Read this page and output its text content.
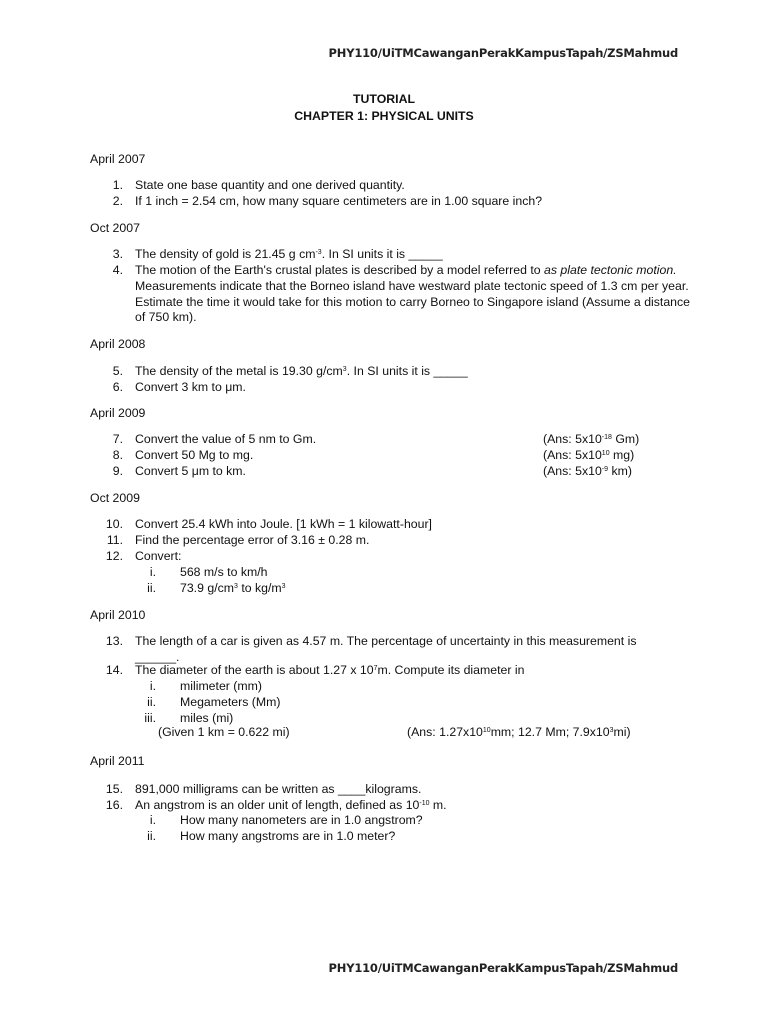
PHY110/UiTMCawanganPerakKampusTapah/ZSMahmud
TUTORIAL
CHAPTER 1: PHYSICAL UNITS
April 2007
1. State one base quantity and one derived quantity.
2. If 1 inch = 2.54 cm, how many square centimeters are in 1.00 square inch?
Oct 2007
3. The density of gold is 21.45 g $cm^{-3}$. In SI units it is _____
4. The motion of the Earth's crustal plates is described by a model referred to as plate tectonic motion. Measurements indicate that the Borneo island have westward plate tectonic speed of 1.3 cm per year. Estimate the time it would take for this motion to carry Borneo to Singapore island (Assume a distance of 750 km).
April 2008
5. The density of the metal is 19.30 $g/cm^3$. In SI units it is _____
6. Convert 3 km to μm.
April 2009
7. Convert the value of 5 nm to Gm.	(Ans: $5x10^{-18}$ Gm)
8. Convert 50 Mg to mg.	(Ans: $5x10^{10}$ mg)
9. Convert 5 μm to km.	(Ans: $5x10^{-9}$ km)
Oct 2009
10. Convert 25.4 kWh into Joule. [1 kWh = 1 kilowatt-hour]
11. Find the percentage error of 3.16 ± 0.28 m.
12. Convert:
i. 568 m/s to km/h
ii. 73.9 $g/cm^3$ to $kg/m^3$
April 2010
13. The length of a car is given as 4.57 m. The percentage of uncertainty in this measurement is
______.
14. The diameter of the earth is about 1.27 x $10^7m$. Compute its diameter in
i. milimeter (mm)
ii. Megameters (Mm)
iii. miles (mi)
(Given 1 km = 0.622 mi)	(Ans: $1.27x10^{10}mm$; 12.7 Mm; $7.9x10^3mi$)
April 2011
15. 891,000 milligrams can be written as ____kilograms.
16. An angstrom is an older unit of length, defined as $10^{-10}$ m.
i. How many nanometers are in 1.0 angstrom?
ii. How many angstroms are in 1.0 meter?
PHY110/UiTMCawanganPerakKampusTapah/ZSMahmud
